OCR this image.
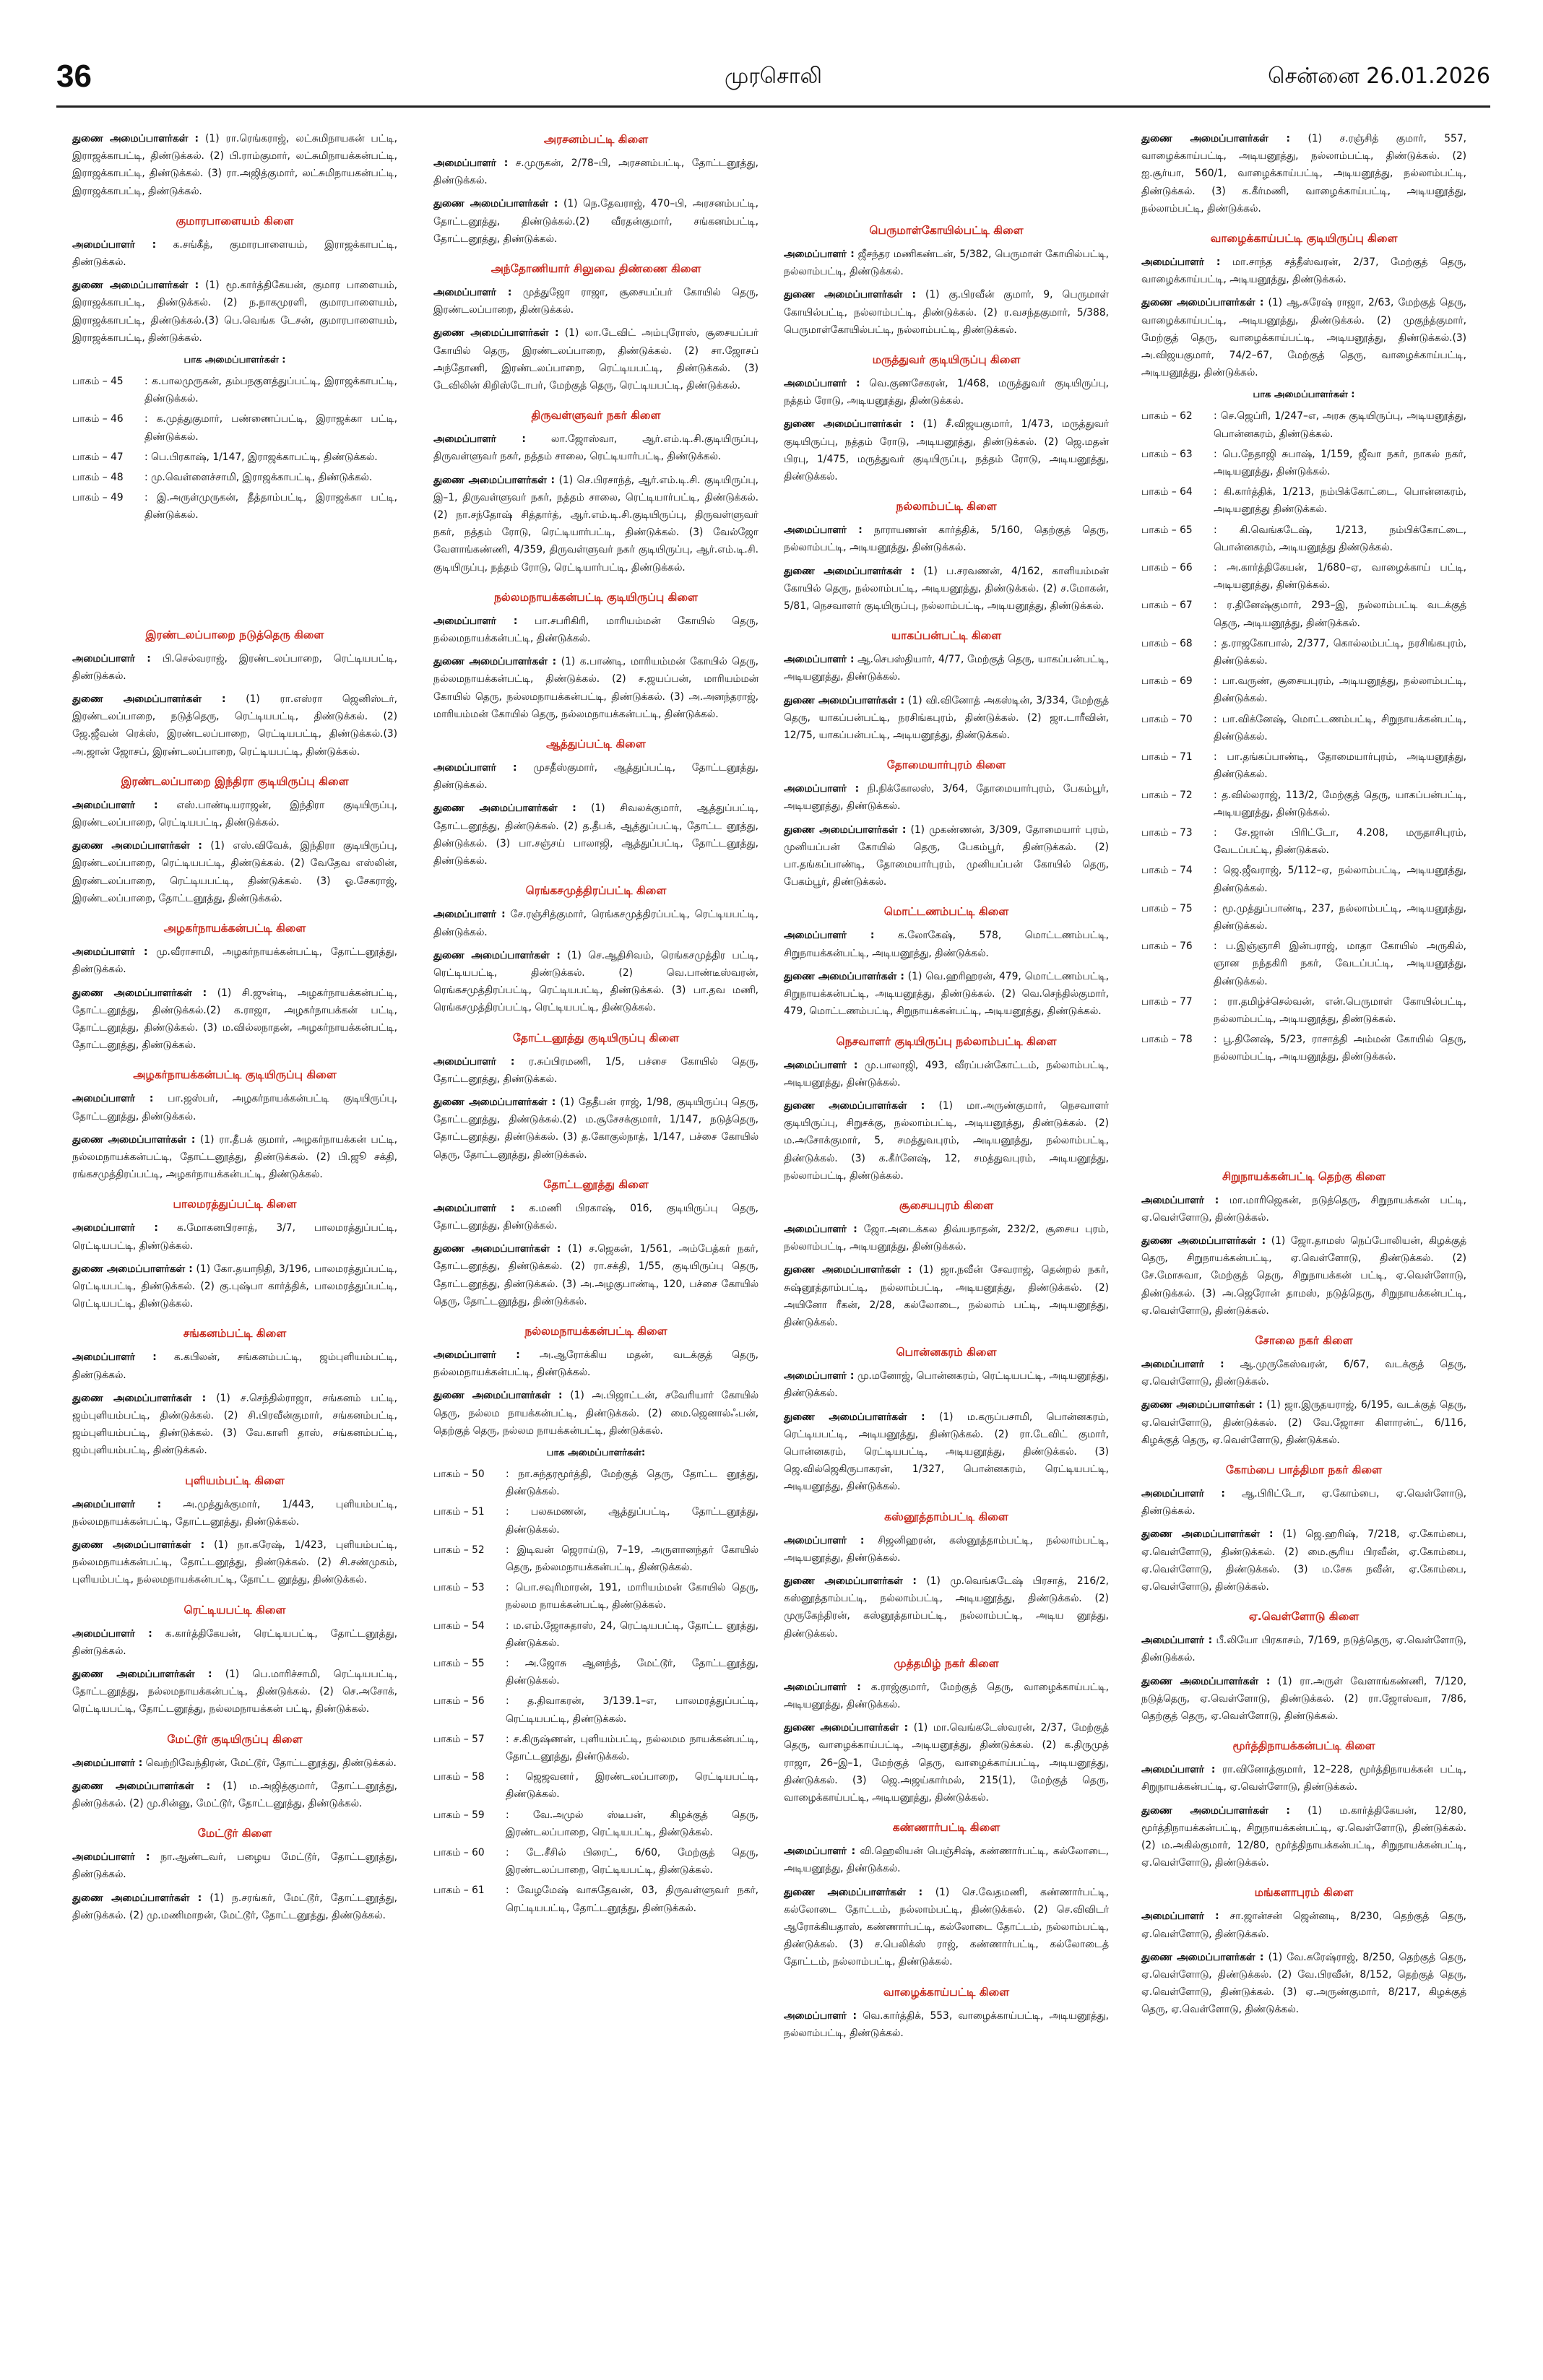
36	முரசொலி	சென்னை 26.01.2026

துணை அமைப்பாளர்கள் : (1) ரா.ரெங்கராஜ், லட்சுமிநாயகன் பட்டி, இராஜக்காபட்டி, திண்டுக்கல். (2) பி.ராம்குமார், லட்சுமிநாயக்கன்பட்டி, இராஜக்காபட்டி, திண்டுக்கல். (3) ரா.அஜித்குமார், லட்சுமிநாயகன்பட்டி, இராஜக்காபட்டி, திண்டுக்கல்.

குமாரபாளையம் கிளை

அமைப்பாளர் : க.சங்கீத், குமாரபாளையம், இராஜக்காபட்டி, திண்டுக்கல்.

துணை அமைப்பாளர்கள் : (1) மூ.கார்த்திகேயன், குமார பாளையம், இராஜக்காபட்டி, திண்டுக்கல். (2) ந.நாகமுரளி, குமாரபாளையம், இராஜக்காபட்டி, திண்டுக்கல்.(3) பெ.வெங்க டேசன், குமாரபாளையம், இராஜக்காபட்டி, திண்டுக்கல்.

பாக அமைப்பாளர்கள் :
பாகம் – 45	: க.பாலமுருகன், தம்பநகுளத்துப்பட்டி, இராஜக்காபட்டி, திண்டுக்கல்.
பாகம் – 46	: க.முத்துகுமார், பண்ணைப்பட்டி, இராஜக்கா பட்டி, திண்டுக்கல்.
பாகம் – 47	: பெ.பிரகாஷ், 1/147, இராஜக்காபட்டி, திண்டுக்கல்.
பாகம் – 48	: மு.வெள்ளைச்சாமி, இராஜக்காபட்டி, திண்டுக்கல்.
பாகம் – 49	: இ.அருள்முருகன், தீத்தாம்பட்டி, இராஜக்கா பட்டி, திண்டுக்கல்.
இரண்டலப்பாறை நடுத்தெரு கிளை

அமைப்பாளர் : பி.செல்வராஜ், இரண்டலப்பாறை, ரெட்டியபட்டி, திண்டுக்கல்.

துணை அமைப்பாளர்கள் : (1) ரா.எஸ்ரா ஜெனிஸ்டர், இரண்டலப்பாறை, நடுத்தெரு, ரெட்டியபட்டி, திண்டுக்கல். (2) ஜே.ஜீவன் ரெக்ஸ், இரண்டலப்பாறை, ரெட்டியபட்டி, திண்டுக்கல்.(3) அ.ஜான் ஜோசப், இரண்டலப்பாறை, ரெட்டியபட்டி, திண்டுக்கல்.

இரண்டலப்பாறை இந்திரா குடியிருப்பு கிளை

அமைப்பாளர் : எஸ்.பாண்டியராஜன், இந்திரா குடியிருப்பு, இரண்டலப்பாறை, ரெட்டியபட்டி, திண்டுக்கல்.

துணை அமைப்பாளர்கள் : (1) எஸ்.விவேக், இந்திரா குடியிருப்பு, இரண்டலப்பாறை, ரெட்டியபட்டி, திண்டுக்கல். (2) வேதேவ எஸ்லின், இரண்டலப்பாறை, ரெட்டியபட்டி, திண்டுக்கல். (3) ஓ.சேகராஜ், இரண்டலப்பாறை, தோட்டனூத்து, திண்டுக்கல்.

அழகர்நாயக்கன்பட்டி கிளை

அமைப்பாளர் : மு.வீராசாமி, அழகர்நாயக்கன்பட்டி, தோட்டனூத்து, திண்டுக்கல்.

துணை அமைப்பாளர்கள் : (1) சி.ஜுன்டி, அழகர்நாயக்கன்பட்டி, தோட்டனூத்து, திண்டுக்கல்.(2) க.ராஜா, அழகர்நாயக்கன் பட்டி, தோட்டனூத்து, திண்டுக்கல். (3) ம.வில்லநாதன், அழகர்நாயக்கன்பட்டி, தோட்டனூத்து, திண்டுக்கல்.

அழகர்நாயக்கன்பட்டி குடியிருப்பு கிளை

அமைப்பாளர் : பா.ஜஸ்பர், அழகர்நாயக்கன்பட்டி குடியிருப்பு, தோட்டனூத்து, திண்டுக்கல்.

துணை அமைப்பாளர்கள் : (1) ரா.தீபக் குமார், அழகர்நாயக்கன் பட்டி, நல்லமநாயக்கன்பட்டி, தோட்டனூத்து, திண்டுக்கல். (2) பி.ஜூ சக்தி, ரங்கசமுத்திரப்பட்டி, அழகர்நாயக்கன்பட்டி, திண்டுக்கல்.

பாலமரத்துப்பட்டி கிளை

அமைப்பாளர் : க.மோகனபிரசாத், 3/7, பாலமரத்துப்பட்டி, ரெட்டியபட்டி, திண்டுக்கல்.

துணை அமைப்பாளர்கள் : (1) கோ.தயாநிதி, 3/196, பாலமரத்துப்பட்டி, ரெட்டியபட்டி, திண்டுக்கல். (2) கு.புஷ்பா கார்த்திக், பாலமரத்துப்பட்டி, ரெட்டியபட்டி, திண்டுக்கல்.

சங்கனம்பட்டி கிளை

அமைப்பாளர் : க.கபிலன், சங்கனம்பட்டி, ஜம்புளியம்பட்டி, திண்டுக்கல்.

துணை அமைப்பாளர்கள் : (1) ச.செந்தில்ராஜா, சங்கனம் பட்டி, ஜம்புளியம்பட்டி, திண்டுக்கல். (2) சி.பிரவீன்குமார், சங்கனம்பட்டி, ஜம்புளியம்பட்டி, திண்டுக்கல். (3) வே.காளி தாஸ், சங்கனம்பட்டி, ஜம்புளியம்பட்டி, திண்டுக்கல்.

புளியம்பட்டி கிளை

அமைப்பாளர் : அ.முத்துக்குமார், 1/443, புளியம்பட்டி, நல்லமநாயக்கன்பட்டி, தோட்டனூத்து, திண்டுக்கல்.

துணை அமைப்பாளர்கள் : (1) நா.கரேஷ், 1/423, புளியம்பட்டி, நல்லமநாயக்கன்பட்டி, தோட்டனூத்து, திண்டுக்கல். (2) சி.சண்முகம், புளியம்பட்டி, நல்லமநாயக்கன்பட்டி, தோட்ட னூத்து, திண்டுக்கல்.

ரெட்டியபட்டி கிளை

அமைப்பாளர் : க.கார்த்திகேயன், ரெட்டியபட்டி, தோட்டனூத்து, திண்டுக்கல்.

துணை அமைப்பாளர்கள் : (1) பெ.மாரிச்சாமி, ரெட்டியபட்டி, தோட்டனூத்து, நல்லமநாயக்கன்பட்டி, திண்டுக்கல். (2) செ.அசோக், ரெட்டியபட்டி, தோட்டனூத்து, நல்லமநாயக்கன் பட்டி, திண்டுக்கல்.

மேட்டூர் குடியிருப்பு கிளை

அமைப்பாளர் : வெற்றிவேந்திரன், மேட்டூர், தோட்டனூத்து, திண்டுக்கல்.

துணை அமைப்பாளர்கள் : (1) ம.அஜித்குமார், தோட்டனூத்து, திண்டுக்கல். (2) மு.சின்னு, மேட்டூர், தோட்டனூத்து, திண்டுக்கல்.

மேட்டூர் கிளை

அமைப்பாளர் : நா.ஆண்டவர், பழைய மேட்டூர், தோட்டனூத்து, திண்டுக்கல்.

துணை அமைப்பாளர்கள் : (1) ந.சரங்கர், மேட்டூர், தோட்டனூத்து, திண்டுக்கல். (2) மு.மணிமாறன், மேட்டூர், தோட்டனூத்து, திண்டுக்கல்.

அரசனம்பட்டி கிளை

அமைப்பாளர் : ச.முருகன், 2/78–பி, அரசனம்பட்டி, தோட்டனூத்து, திண்டுக்கல்.

துணை அமைப்பாளர்கள் : (1) நெ.தேவராஜ், 470–பி, அரசனம்பட்டி, தோட்டனூத்து, திண்டுக்கல்.(2) வீரதன்குமார், சங்கனம்பட்டி, தோட்டனூத்து, திண்டுக்கல்.

அந்தோணியார் சிலுவை திண்ணை கிளை

அமைப்பாளர் : முத்துஜோ ராஜா, சூசையப்பர் கோயில் தெரு, இரண்டலப்பாறை, திண்டுக்கல்.

துணை அமைப்பாளர்கள் : (1) லா.டேவிட் அம்புரோஸ், சூசையப்பர் கோயில் தெரு, இரண்டலப்பாறை, திண்டுக்கல். (2) சா.ஜோசப் அந்தோணி, இரண்டலப்பாறை, ரெட்டியபட்டி, திண்டுக்கல். (3) டேவிலின் கிறிஸ்டோபர், மேற்குத் தெரு, ரெட்டியபட்டி, திண்டுக்கல்.

திருவள்ளுவர் நகர் கிளை

அமைப்பாளர் :	லா.ஜோஸ்வா, ஆர்.எம்.டி.சி.குடியிருப்பு, திருவள்ளுவர் நகர், நத்தம் சாலை, ரெட்டியார்பட்டி, திண்டுக்கல்.

துணை அமைப்பாளர்கள் : (1) செ.பிரசாந்த், ஆர்.எம்.டி.சி. குடியிருப்பு, இ–1, திருவள்ளுவர் நகர், நத்தம் சாலை, ரெட்டியார்பட்டி, திண்டுக்கல். (2) நா.சந்தோஷ் சித்தார்த், ஆர்.எம்.டி.சி.குடியிருப்பு, திருவள்ளுவர் நகர், நத்தம் ரோடு, ரெட்டியார்பட்டி, திண்டுக்கல். (3) வேல்ஜோ வேளாங்கண்ணி, 4/359, திருவள்ளுவர் நகர் குடியிருப்பு, ஆர்.எம்.டி.சி. குடியிருப்பு, நத்தம் ரோடு, ரெட்டியார்பட்டி, திண்டுக்கல்.

நல்லமநாயக்கன்பட்டி குடியிருப்பு கிளை

அமைப்பாளர் : பா.சபரிகிரி, மாரியம்மன் கோயில் தெரு, நல்லமநாயக்கன்பட்டி, திண்டுக்கல்.

துணை அமைப்பாளர்கள் : (1) க.பாண்டி, மாரியம்மன் கோயில் தெரு, நல்லமநாயக்கன்பட்டி, திண்டுக்கல். (2) ச.ஜயப்பன், மாரியம்மன் கோயில் தெரு, நல்லமநாயக்கன்பட்டி, திண்டுக்கல். (3) அ.அனந்தராஜ், மாரியம்மன் கோயில் தெரு, நல்லமநாயக்கன்பட்டி, திண்டுக்கல்.

ஆத்துப்பட்டி கிளை

அமைப்பாளர் : முசதீஸ்குமார், ஆத்துப்பட்டி, தோட்டனூத்து, திண்டுக்கல்.

துணை அமைப்பாளர்கள் : (1) சிவலக்குமார், ஆத்துப்பட்டி, தோட்டனூத்து, திண்டுக்கல். (2) த.தீபக், ஆத்துப்பட்டி, தோட்ட னூத்து, திண்டுக்கல். (3) பா.சஞ்சய் பாலாஜி, ஆத்துப்பட்டி, தோட்டனூத்து, திண்டுக்கல்.

ரெங்கசமுத்திரப்பட்டி கிளை

அமைப்பாளர் : சே.ரஞ்சித்குமார், ரெங்கசமுத்திரப்பட்டி, ரெட்டியபட்டி, திண்டுக்கல்.

துணை அமைப்பாளர்கள் : (1) செ.ஆதிசிவம், ரெங்கசமுத்திர பட்டி, ரெட்டியபட்டி, திண்டுக்கல். (2) வெ.பாண்டீஸ்வரன், ரெங்கசமுத்திரப்பட்டி, ரெட்டியபட்டி, திண்டுக்கல். (3) பா.தவ மணி, ரெங்கசமுத்திரப்பட்டி, ரெட்டியபட்டி, திண்டுக்கல்.

தோட்டனூத்து குடியிருப்பு கிளை

அமைப்பாளர் : ர.சுப்பிரமணி, 1/5, பச்சை கோயில் தெரு, தோட்டனூத்து, திண்டுக்கல்.

துணை அமைப்பாளர்கள் : (1) தேதீபன் ராஜ், 1/98, குடியிருப்பு தெரு, தோட்டனூத்து, திண்டுக்கல்.(2) ம.சூசேசக்குமார், 1/147, நடுத்தெரு, தோட்டனூத்து, திண்டுக்கல். (3) த.கோகுல்நாத், 1/147, பச்சை கோயில் தெரு, தோட்டனூத்து, திண்டுக்கல்.

தோட்டனூத்து கிளை

அமைப்பாளர் : க.மணி பிரகாஷ், 016, குடியிருப்பு தெரு, தோட்டனூத்து, திண்டுக்கல்.

துணை அமைப்பாளர்கள் : (1) ச.ஜெகன், 1/561, அம்பேத்கர் நகர், தோட்டனூத்து, திண்டுக்கல். (2) ரா.சக்தி, 1/55, குடியிருப்பு தெரு, தோட்டனூத்து, திண்டுக்கல். (3) அ.அழகுபாண்டி, 120, பச்சை கோயில் தெரு, தோட்டனூத்து, திண்டுக்கல்.

நல்லமநாயக்கன்பட்டி கிளை

அமைப்பாளர் : அ.ஆரோக்கிய மதன், வடக்குத் தெரு, நல்லமநாயக்கன்பட்டி, திண்டுக்கல்.

துணை அமைப்பாளர்கள் : (1) அ.பிஜாட்டன், சவேரியார் கோயில் தெரு, நல்லம நாயக்கன்பட்டி, திண்டுக்கல். (2) மை.ஜெனால்ஃபன், தெற்குத் தெரு, நல்லம நாயக்கன்பட்டி, திண்டுக்கல்.

பாக அமைப்பாளர்கள்:
பாகம் – 50	: நா.சுந்தரமூர்த்தி, மேற்குத் தெரு, தோட்ட னூத்து, திண்டுக்கல்.
பாகம் – 51	: பலசுமணன், ஆத்துப்பட்டி, தோட்டனூத்து, திண்டுக்கல்.
பாகம் – 52	: இடிவன் ஜெராய்டு, 7–19, அருளானந்தர் கோயில் தெரு, நல்லமநாயக்கன்பட்டி, திண்டுக்கல்.
பாகம் – 53	: பொ.சவுரிமாரன், 191, மாரியம்மன் கோயில் தெரு, நல்லம நாயக்கன்பட்டி, திண்டுக்கல்.
பாகம் – 54	: ம.எம்.ஜோசுதாஸ், 24, ரெட்டியபட்டி, தோட்ட னூத்து, திண்டுக்கல்.
பாகம் – 55	: அ.ஜோசு ஆனந்த், மேட்டூர், தோட்டனூத்து, திண்டுக்கல்.
பாகம் – 56	: த.திவாகரன், 3/139.1–எ, பாலமரத்துப்பட்டி, ரெட்டியபட்டி, திண்டுக்கல்.
பாகம் – 57	: ச.கிருஷ்ணன், புளியம்பட்டி, நல்லமம நாயக்கன்பட்டி, தோட்டனூத்து, திண்டுக்கல்.
பாகம் – 58	: ஜெஜவனா், இரண்டலப்பாறை, ரெட்டியபட்டி, திண்டுக்கல்.
பாகம் – 59	: வே.அமுல் ஸ்டீபன், கிழக்குத் தெரு, இரண்டலப்பாறை, ரெட்டியபட்டி, திண்டுக்கல்.
பாகம் – 60	: டே.சீசில் பிரைட், 6/60, மேற்குத் தெரு, இரண்டலப்பாறை, ரெட்டியபட்டி, திண்டுக்கல்.
பாகம் – 61	: வேழமேஷ் வாசுதேவன், 03, திருவள்ளுவர் நகர், ரெட்டியபட்டி, தோட்டனூத்து, திண்டுக்கல்.
பெருமாள்கோயில்பட்டி கிளை

அமைப்பாளர் : ஜீசந்தர மணிகண்டன், 5/382, பெருமாள் கோயில்பட்டி, நல்லாம்பட்டி, திண்டுக்கல்.

துணை அமைப்பாளர்கள் : (1) கு.பிரவீன் குமார், 9, பெருமாள் கோயில்பட்டி, நல்லாம்பட்டி, திண்டுக்கல். (2) ர.வசந்தகுமார், 5/388, பெருமாள்கோயில்பட்டி, நல்லாம்பட்டி, திண்டுக்கல்.

மருத்துவர் குடியிருப்பு கிளை

அமைப்பாளர் : வெ.குணசேகரன், 1/468, மருத்துவர் குடியிருப்பு, நத்தம் ரோடு, அடியனூத்து, திண்டுக்கல்.

துணை அமைப்பாளர்கள் : (1) சீ.விஜயகுமார், 1/473, மருத்துவர் குடியிருப்பு, நத்தம் ரோடு, அடியனூத்து, திண்டுக்கல். (2) ஜெ.மதன் பிரபு, 1/475, மருத்துவர் குடியிருப்பு, நத்தம் ரோடு, அடியனூத்து, திண்டுக்கல்.

நல்லாம்பட்டி கிளை

அமைப்பாளர் : நாராயணன் கார்த்திக், 5/160, தெற்குத் தெரு, நல்லாம்பட்டி, அடியனூத்து, திண்டுக்கல்.

துணை அமைப்பாளர்கள் : (1) ப.சரவணன், 4/162, காளியம்மன் கோயில் தெரு, நல்லாம்பட்டி, அடியனூத்து, திண்டுக்கல். (2) ச.மோகன், 5/81, நெசவாளர் குடியிருப்பு, நல்லாம்பட்டி, அடியனூத்து, திண்டுக்கல்.

யாகப்பன்பட்டி கிளை

அமைப்பாளர் : ஆ.செபஸ்தியார், 4/77, மேற்குத் தெரு, யாகப்பன்பட்டி, அடியனூத்து, திண்டுக்கல்.

துணை அமைப்பாளர்கள் : (1) வி.வினோத் அகஸ்டின், 3/334, மேற்குத் தெரு, யாகப்பன்பட்டி, நரசிங்கபுரம், திண்டுக்கல். (2) ஜா.டாரீவின், 12/75, யாகப்பன்பட்டி, அடியனூத்து, திண்டுக்கல்.

தோமையார்புரம் கிளை

அமைப்பாளர் : நி.நிக்கோலஸ், 3/64, தோமையார்புரம், பேகம்பூர், அடியனூத்து, திண்டுக்கல்.

துணை அமைப்பாளர்கள் : (1) முகண்ணன், 3/309, தோமையார் புரம், முனியப்பன் கோயில் தெரு, பேகம்பூர், திண்டுக்கல். (2) பா.தங்கப்பாண்டி, தோமையார்புரம், முனியப்பன் கோயில் தெரு, பேகம்பூர், திண்டுக்கல்.

மொட்டணம்பட்டி கிளை

அமைப்பாளர் : க.லோகேஷ், 578, மொட்டணம்பட்டி, சிறுநாயக்கன்பட்டி, அடியனூத்து, திண்டுக்கல்.

துணை அமைப்பாளர்கள் : (1) வெ.ஹரிஹரன், 479, மொட்டணம்பட்டி, சிறுநாயக்கன்பட்டி, அடியனூத்து, திண்டுக்கல். (2) வெ.செந்தில்குமார், 479, மொட்டணம்பட்டி, சிறுநாயக்கன்பட்டி, அடியனூத்து, திண்டுக்கல்.

நெசவாளர் குடியிருப்பு நல்லாம்பட்டி கிளை

அமைப்பாளர் : மு.பாலாஜி, 493, வீரப்பன்கோட்டம், நல்லாம்பட்டி, அடியனூத்து, திண்டுக்கல்.

துணை அமைப்பாளர்கள் : (1) மா.அருண்குமார், நெசவாளர் குடியிருப்பு, சிறுசக்கு, நல்லாம்பட்டி, அடியனூத்து, திண்டுக்கல். (2) ம.அசோக்குமார், 5, சமத்துவபுரம், அடியனூத்து, நல்லாம்பட்டி, திண்டுக்கல். (3) க.கீர்னேஷ், 12, சமத்துவபுரம், அடியனூத்து, நல்லாம்பட்டி, திண்டுக்கல்.

சூசையபுரம் கிளை

அமைப்பாளர் : ஜோ.அடைக்கல திவ்யநாதன், 232/2, சூசைய புரம், நல்லாம்பட்டி, அடியனூத்து, திண்டுக்கல்.

துணை அமைப்பாளர்கள் : (1) ஜா.நவீன் சேவராஜ், தென்றல் நகர், சுஷ்னூத்தாம்பட்டி, நல்லாம்பட்டி, அடியனூத்து, திண்டுக்கல். (2) அயினோ ரீகன், 2/28, கல்லோடை, நல்லாம் பட்டி, அடியனூத்து, திண்டுக்கல்.

பொன்னகரம் கிளை

அமைப்பாளர் : மு.மனோஜ், பொன்னகரம், ரெட்டியபட்டி, அடியனூத்து, திண்டுக்கல்.

துணை அமைப்பாளர்கள் : (1) ம.கருப்பசாமி, பொன்னகரம், ரெட்டியபட்டி, அடியனூத்து, திண்டுக்கல். (2) ரா.டேவிட் குமார், பொன்னகரம், ரெட்டியபட்டி, அடியனூத்து, திண்டுக்கல். (3) ஜெ.வில்ஜெகிருபாகரன், 1/327, பொன்னகரம், ரெட்டியபட்டி, அடியனூத்து, திண்டுக்கல்.

கஸ்னூத்தாம்பட்டி கிளை

அமைப்பாளர் : சிஜனிஹரன், கஸ்னூத்தாம்பட்டி, நல்லாம்பட்டி, அடியனூத்து, திண்டுக்கல்.

துணை அமைப்பாளர்கள் : (1) மு.வெங்கடேஷ் பிரசாத், 216/2, கஸ்னூத்தாம்பட்டி, நல்லாம்பட்டி, அடியனூத்து, திண்டுக்கல். (2) முருகேந்திரன், கஸ்னூத்தாம்பட்டி, நல்லாம்பட்டி, அடிய னூத்து, திண்டுக்கல்.

முத்தமிழ் நகர் கிளை

அமைப்பாளர் : க.ராஜ்குமார், மேற்குத் தெரு, வாழைக்காய்பட்டி, அடியனூத்து, திண்டுக்கல்.

துணை அமைப்பாளர்கள் : (1) மா.வெங்கடேஸ்வரன், 2/37, மேற்குத் தெரு, வாழைக்காய்பட்டி, அடியனூத்து, திண்டுக்கல். (2) க.திருமுத் ராஜா, 26–இ–1, மேற்குத் தெரு, வாழைக்காய்பட்டி, அடியனூத்து, திண்டுக்கல். (3) ஜெ.அஜய்கார்மல், 215(1), மேற்குத் தெரு, வாழைக்காய்பட்டி, அடியனூத்து, திண்டுக்கல்.

கண்ணார்பட்டி கிளை

அமைப்பாளர் : வி.ஹெலியன் பெஞ்சிஷ், கண்ணார்பட்டி, கல்லோடை, அடியனூத்து, திண்டுக்கல்.

துணை அமைப்பாளர்கள் : (1) செ.வேதமணி, கண்ணார்பட்டி, கல்லோடை தோட்டம், நல்லாம்பட்டி, திண்டுக்கல். (2) செ.விவிடர் ஆரோக்கியதாஸ், கண்ணார்பட்டி, கல்லோடை தோட்டம், நல்லாம்பட்டி, திண்டுக்கல். (3) ச.பெலிக்ஸ் ராஜ், கண்ணார்பட்டி, கல்லோடைத் தோட்டம், நல்லாம்பட்டி, திண்டுக்கல்.

வாழைக்காய்பட்டி கிளை

அமைப்பாளர் : வெ.கார்த்திக், 553, வாழைக்காய்பட்டி, அடியனூத்து, நல்லாம்பட்டி, திண்டுக்கல்.

துணை அமைப்பாளர்கள் : (1) ச.ரஞ்சித் குமார், 557, வாழைக்காய்பட்டி, அடியனூத்து, நல்லாம்பட்டி, திண்டுக்கல். (2) ஐ.சூர்யா, 560/1, வாழைக்காய்பட்டி, அடியனூத்து, நல்லாம்பட்டி, திண்டுக்கல். (3) க.கீர்மணி, வாழைக்காய்பட்டி, அடியனூத்து, நல்லாம்பட்டி, திண்டுக்கல்.

வாழைக்காய்பட்டி குடியிருப்பு கிளை

அமைப்பாளர் : மா.சாந்த சத்தீஸ்வரன், 2/37, மேற்குத் தெரு, வாழைக்காய்பட்டி, அடியனூத்து, திண்டுக்கல்.

துணை அமைப்பாளர்கள் : (1) ஆ.சுரேஷ் ராஜா, 2/63, மேற்குத் தெரு, வாழைக்காய்பட்டி, அடியனூத்து, திண்டுக்கல். (2) முகுந்த்குமார், மேற்குத் தெரு, வாழைக்காய்பட்டி, அடியனூத்து, திண்டுக்கல்.(3) அ.விஜயகுமார், 74/2–67, மேற்குத் தெரு, வாழைக்காய்பட்டி, அடியனூத்து, திண்டுக்கல்.

பாக அமைப்பாளர்கள் :
பாகம் – 62	: செ.ஜெப்ரி, 1/247–எ, அரசு குடியிருப்பு, அடியனூத்து, பொன்னகரம், திண்டுக்கல்.
பாகம் – 63	: பெ.நேதாஜி சுபாஷ், 1/159, ஜீவா நகர், நாகல் நகர், அடியனூத்து, திண்டுக்கல்.
பாகம் – 64	: கி.கார்த்திக், 1/213, நம்பிக்கோட்டை, பொன்னகரம், அடியனூத்து திண்டுக்கல்.
பாகம் – 65	: கி.வெங்கடேஷ், 1/213, நம்பிக்கோட்டை, பொன்னகரம், அடியனூத்து திண்டுக்கல்.
பாகம் – 66	: அ.கார்த்திகேயன், 1/680–ஏ, வாழைக்காய் பட்டி, அடியனூத்து, திண்டுக்கல்.
பாகம் – 67	: ர.தினேஷ்குமார், 293–இ, நல்லாம்பட்டி வடக்குத் தெரு, அடியனூத்து, திண்டுக்கல்.
பாகம் – 68	: த.ராஜகோபால், 2/377, கொல்லம்பட்டி, நரசிங்கபுரம், திண்டுக்கல்.
பாகம் – 69	: பா.வருண், சூசையபுரம், அடியனூத்து, நல்லாம்பட்டி, திண்டுக்கல்.
பாகம் – 70	: பா.விக்னேஷ், மொட்டணம்பட்டி, சிறுநாயக்கன்பட்டி, திண்டுக்கல்.
பாகம் – 71	: பா.தங்கப்பாண்டி, தோமையார்புரம், அடியனூத்து, திண்டுக்கல்.
பாகம் – 72	: த.வில்லராஜ், 113/2, மேற்குத் தெரு, யாகப்பன்பட்டி, அடியனூத்து, திண்டுக்கல்.
பாகம் – 73	: சே.ஜான் பிரிட்டோ, 4.208, மருதாசிபுரம், வேடப்பட்டி, திண்டுக்கல்.
பாகம் – 74	: ஜெ.ஜீவராஜ், 5/112–ஏ, நல்லாம்பட்டி, அடியனூத்து, திண்டுக்கல்.
பாகம் – 75	: மூ.முத்துப்பாண்டி, 237, நல்லாம்பட்டி, அடியனூத்து, திண்டுக்கல்.
பாகம் – 76	: ப.இஞ்ஞாசி இன்பராஜ், மாதா கோயில் அருகில், ஞான நந்தகிரி நகர், வேடப்பட்டி, அடியனூத்து, திண்டுக்கல்.
பாகம் – 77	: ரா.தமிழ்ச்செல்வன், என்.பெருமாள் கோயில்பட்டி, நல்லாம்பட்டி, அடியனூத்து, திண்டுக்கல்.
பாகம் – 78	: பூ.தினேஷ், 5/23, ராசாத்தி அம்மன் கோயில் தெரு, நல்லாம்பட்டி, அடியனூத்து, திண்டுக்கல்.
சிறுநாயக்கன்பட்டி தெற்கு கிளை

அமைப்பாளர் : மா.மாரிஜெகன், நடுத்தெரு, சிறுநாயக்கன் பட்டி, ஏ.வெள்ளோடு, திண்டுக்கல்.

துணை அமைப்பாளர்கள் : (1) ஜோ.தாமஸ் நெப்போலியன், கிழக்குத் தெரு, சிறுநாயக்கன்பட்டி, ஏ.வெள்ளோடு, திண்டுக்கல். (2) சே.மோசுவா, மேற்குத் தெரு, சிறுநாயக்கன் பட்டி, ஏ.வெள்ளோடு, திண்டுக்கல். (3) அ.ஜெரோன் தாமஸ், நடுத்தெரு, சிறுநாயக்கன்பட்டி, ஏ.வெள்ளோடு, திண்டுக்கல்.

சோலை நகர் கிளை

அமைப்பாளர் : ஆ.முருகேஸ்வரன், 6/67, வடக்குத் தெரு, ஏ.வெள்ளோடு, திண்டுக்கல்.

துணை அமைப்பாளர்கள் : (1) ஜா.இருதயராஜ், 6/195, வடக்குத் தெரு, ஏ.வெள்ளோடு, திண்டுக்கல். (2) வே.ஜோசா கிளாரன்ட், 6/116, கிழக்குத் தெரு, ஏ.வெள்ளோடு, திண்டுக்கல்.

கோம்பை பாத்திமா நகர் கிளை

அமைப்பாளர் : ஆ.பிரிட்டோ, ஏ.கோம்பை, ஏ.வெள்ளோடு, திண்டுக்கல்.

துணை அமைப்பாளர்கள் : (1) ஜெ.ஹரிஷ், 7/218, ஏ.கோம்பை, ஏ.வெள்ளோடு, திண்டுக்கல். (2) மை.சூரிய பிரவீன், ஏ.கோம்பை, ஏ.வெள்ளோடு, திண்டுக்கல். (3) ம.சேசு நவீன், ஏ.கோம்பை, ஏ.வெள்ளோடு, திண்டுக்கல்.

ஏ.வெள்ளோடு கிளை

அமைப்பாளர் : பீ.லியோ பிரகாசம், 7/169, நடுத்தெரு, ஏ.வெள்ளோடு, திண்டுக்கல்.

துணை அமைப்பாளர்கள் : (1) ரா.அருள் வேளாங்கண்ணி, 7/120, நடுத்தெரு, ஏ.வெள்ளோடு, திண்டுக்கல். (2) ரா.ஜோஸ்வா, 7/86, தெற்குத் தெரு, ஏ.வெள்ளோடு, திண்டுக்கல்.

மூர்த்திநாயக்கன்பட்டி கிளை

அமைப்பாளர் : ரா.வினோத்குமார், 12–228, மூர்த்திநாயக்கன் பட்டி, சிறுநாயக்கன்பட்டி, ஏ.வெள்ளோடு, திண்டுக்கல்.

துணை அமைப்பாளர்கள் : (1) ம.கார்த்திகேயன், 12/80, மூர்த்திநாயக்கன்பட்டி, சிறுநாயக்கன்பட்டி, ஏ.வெள்ளோடு, திண்டுக்கல். (2) ம.அகில்குமார், 12/80, மூர்த்திநாயக்கன்பட்டி, சிறுநாயக்கன்பட்டி, ஏ.வெள்ளோடு, திண்டுக்கல்.

மங்களாபுரம் கிளை

அமைப்பாளர் : சா.ஜான்சன் ஜென்னடி, 8/230, தெற்குத் தெரு, ஏ.வெள்ளோடு, திண்டுக்கல்.

துணை அமைப்பாளர்கள் : (1) வே.சுரேஷ்ராஜ், 8/250, தெற்குத் தெரு, ஏ.வெள்ளோடு, திண்டுக்கல். (2) வே.பிரவீன், 8/152, தெற்குத் தெரு, ஏ.வெள்ளோடு, திண்டுக்கல். (3) ஏ.அருண்குமார், 8/217, கிழக்குத் தெரு, ஏ.வெள்ளோடு, திண்டுக்கல்.
